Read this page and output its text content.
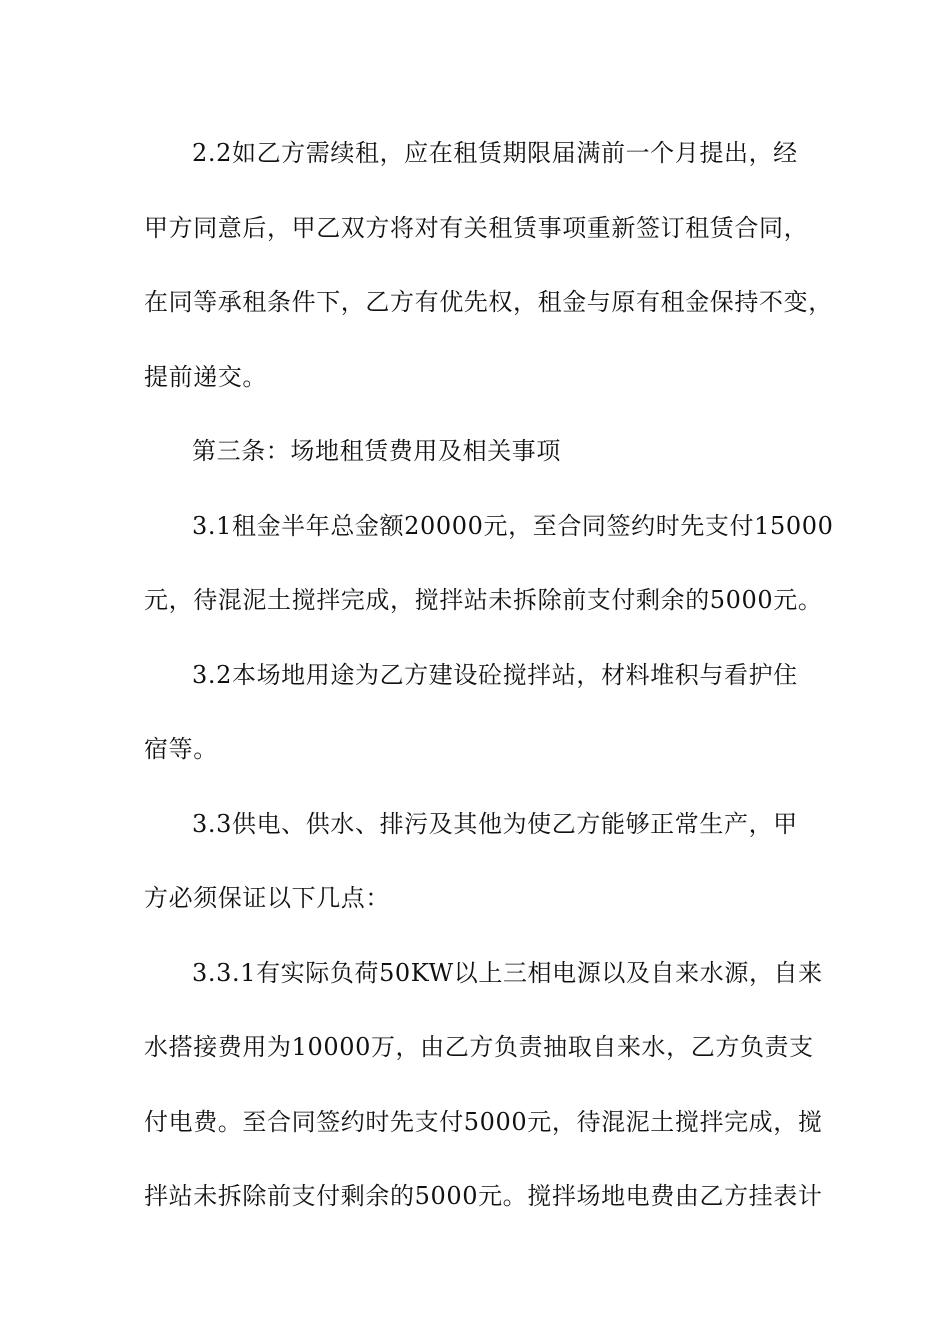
2.2如乙方需续租，应在租赁期限届满前一个月提出，经
甲方同意后，甲乙双方将对有关租赁事项重新签订租赁合同，
在同等承租条件下，乙方有优先权，租金与原有租金保持不变，
提前递交。
第三条：场地租赁费用及相关事项
3.1租金半年总金额20000元，至合同签约时先支付15000
元，待混泥土搅拌完成，搅拌站未拆除前支付剩余的5000元。
3.2本场地用途为乙方建设砼搅拌站，材料堆积与看护住
宿等。
3.3供电、供水、排污及其他为使乙方能够正常生产，甲
方必须保证以下几点：
3.3.1有实际负荷50KW以上三相电源以及自来水源，自来
水搭接费用为10000万，由乙方负责抽取自来水，乙方负责支
付电费。至合同签约时先支付5000元，待混泥土搅拌完成，搅
拌站未拆除前支付剩余的5000元。搅拌场地电费由乙方挂表计
